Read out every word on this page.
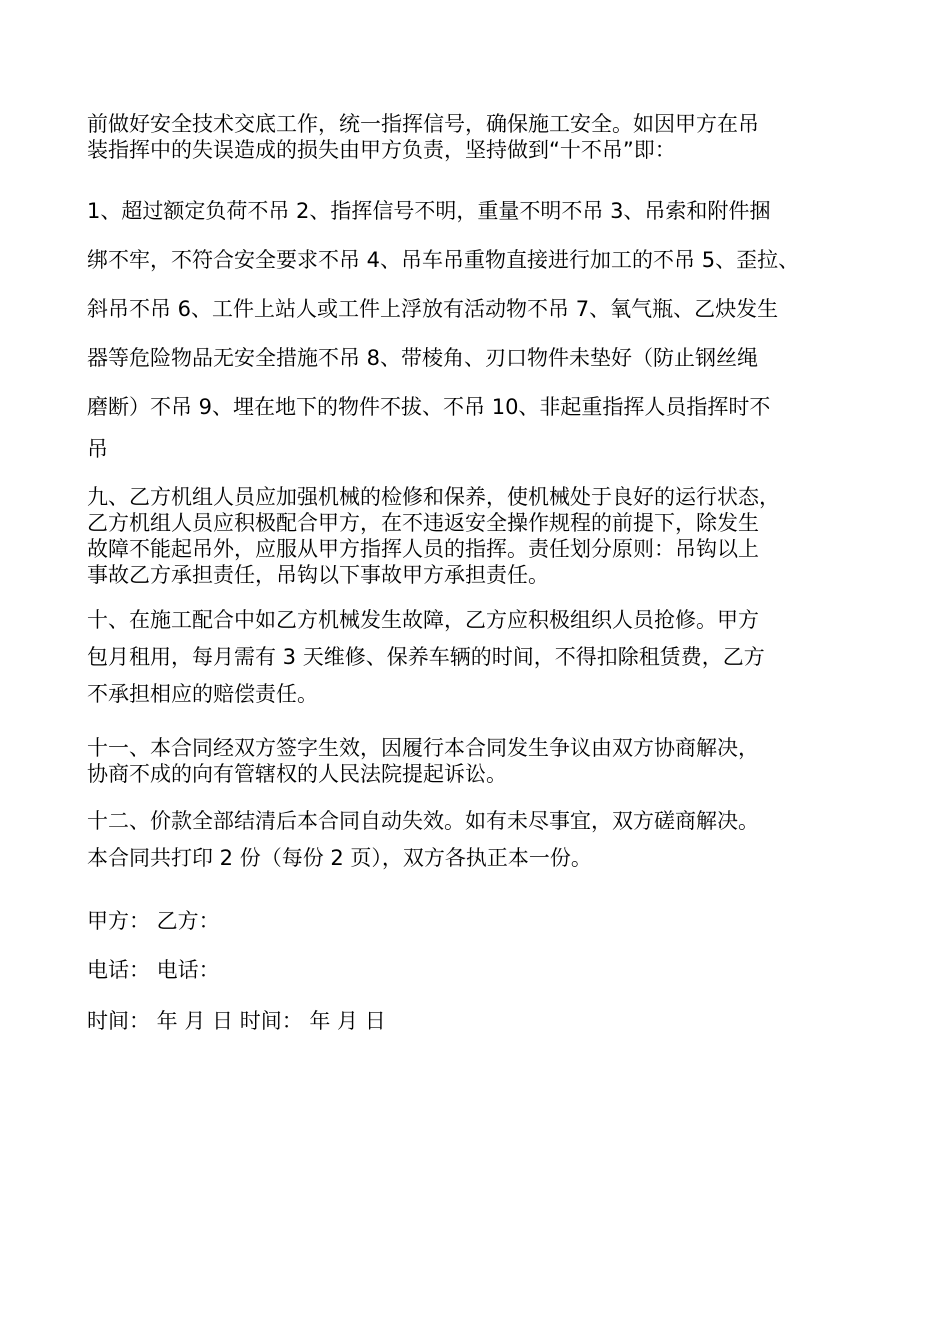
前做好安全技术交底工作，统一指挥信号，确保施工安全。如因甲方在吊
装指挥中的失误造成的损失由甲方负责，坚持做到“十不吊”即：
1、超过额定负荷不吊 2、指挥信号不明，重量不明不吊 3、吊索和附件捆
绑不牢，不符合安全要求不吊 4、吊车吊重物直接进行加工的不吊 5、歪拉、
斜吊不吊 6、工件上站人或工件上浮放有活动物不吊 7、氧气瓶、乙炔发生
器等危险物品无安全措施不吊 8、带棱角、刃口物件未垫好（防止钢丝绳
磨断）不吊 9、埋在地下的物件不拔、不吊 10、非起重指挥人员指挥时不
吊
九、乙方机组人员应加强机械的检修和保养，使机械处于良好的运行状态，
乙方机组人员应积极配合甲方，在不违返安全操作规程的前提下，除发生
故障不能起吊外，应服从甲方指挥人员的指挥。责任划分原则：吊钩以上
事故乙方承担责任，吊钩以下事故甲方承担责任。
十、在施工配合中如乙方机械发生故障，乙方应积极组织人员抢修。甲方
包月租用，每月需有 3 天维修、保养车辆的时间，不得扣除租赁费，乙方
不承担相应的赔偿责任。
十一、本合同经双方签字生效，因履行本合同发生争议由双方协商解决，
协商不成的向有管辖权的人民法院提起诉讼。
十二、价款全部结清后本合同自动失效。如有未尽事宜，双方磋商解决。
本合同共打印 2 份（每份 2 页），双方各执正本一份。
甲方： 乙方：
电话： 电话：
时间： 年 月 日 时间： 年 月 日
